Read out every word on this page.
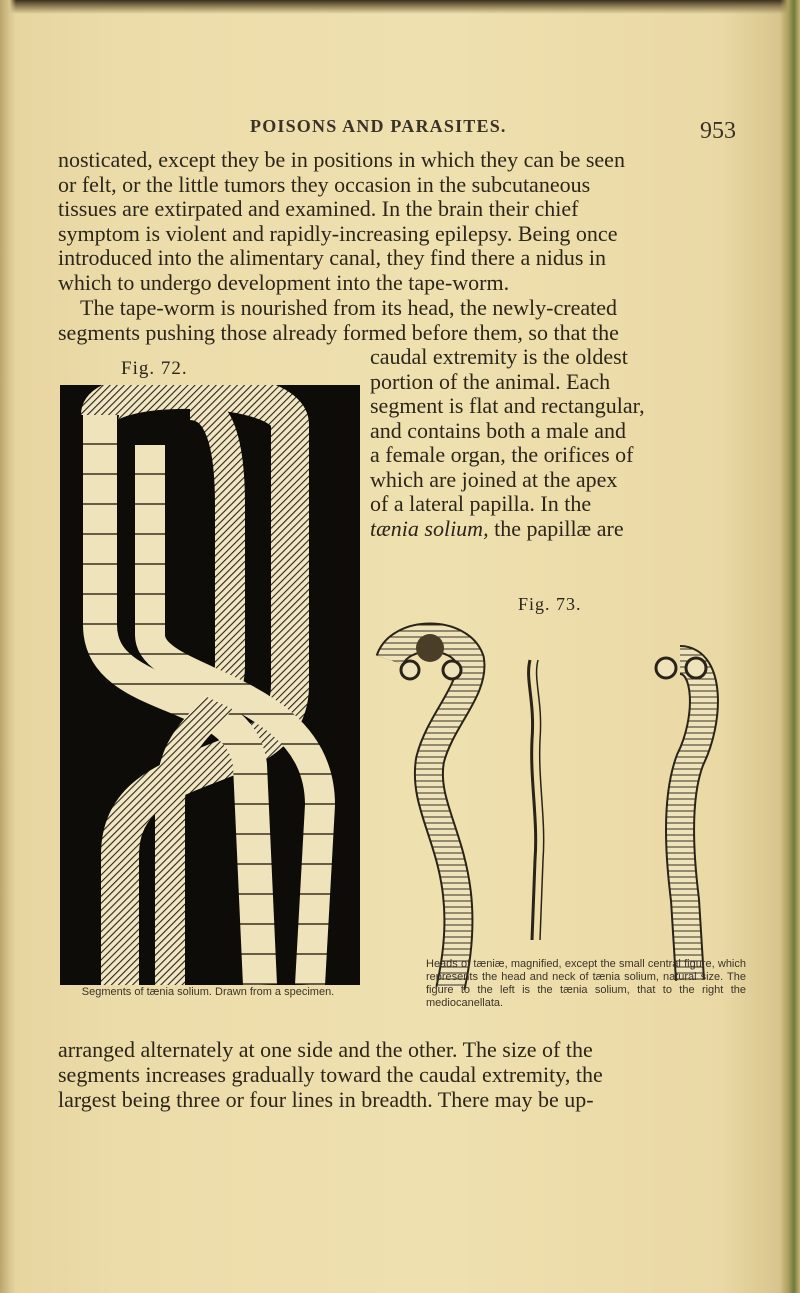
POISONS AND PARASITES.	953
nosticated, except they be in positions in which they can be seen
or felt, or the little tumors they occasion in the subcutaneous
tissues are extirpated and examined. In the brain their chief
symptom is violent and rapidly-increasing epilepsy. Being once
introduced into the alimentary canal, they find there a nidus in
which to undergo development into the tape-worm.
The tape-worm is nourished from its head, the newly-created
segments pushing those already formed before them, so that the
caudal extremity is the oldest
portion of the animal. Each
segment is flat and rectangular,
and contains both a male and
a female organ, the orifices of
which are joined at the apex
of a lateral papilla. In the
tænia solium, the papillæ are
Fig. 72.
Segments of tænia solium. Drawn from a specimen.
Fig. 73.
Heads of tæniæ, magnified, except the small central figure, which represents the head and neck of tænia solium, natural size. The figure to the left is the tænia solium, that to the right the mediocanellata.
arranged alternately at one side and the other. The size of the
segments increases gradually toward the caudal extremity, the
largest being three or four lines in breadth. There may be up-
